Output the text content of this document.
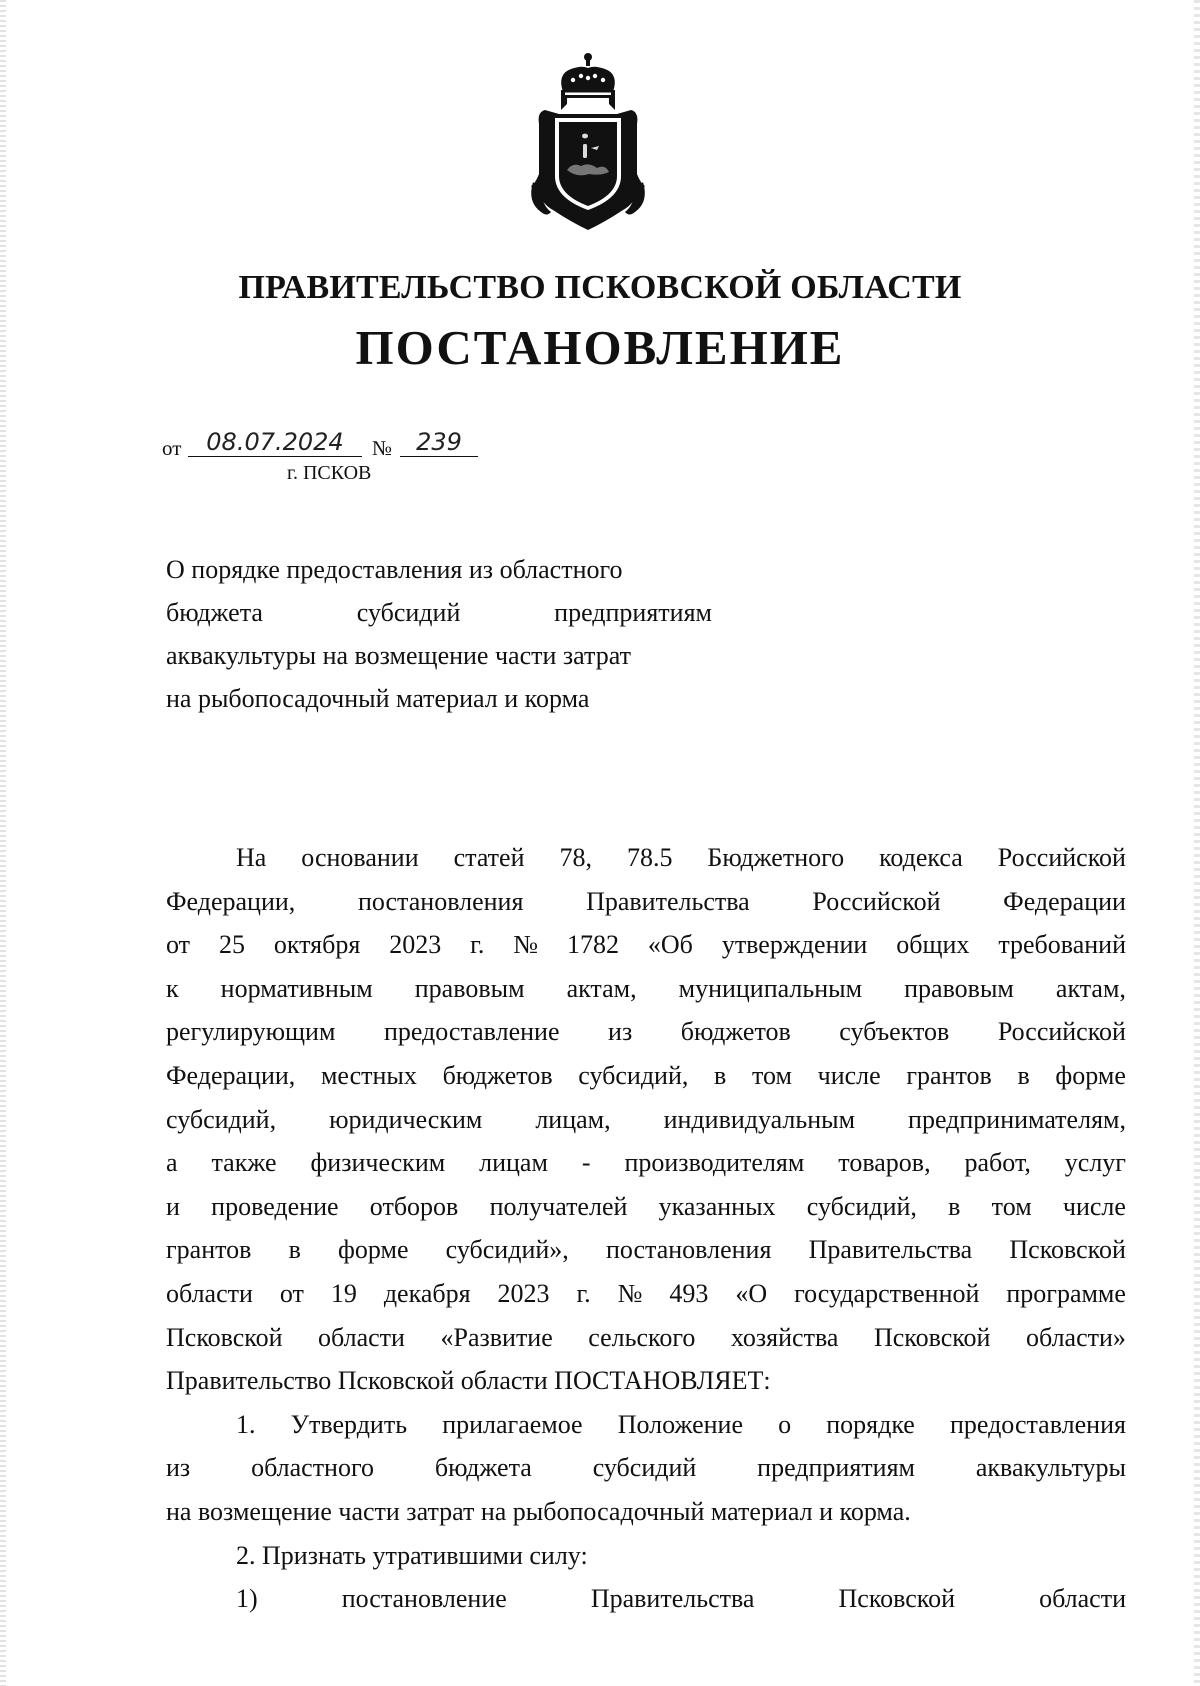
ПРАВИТЕЛЬСТВО ПСКОВСКОЙ ОБЛАСТИ
ПОСТАНОВЛЕНИЕ
от	08.07.2024	№	239
г. ПСКОВ
О порядке предоставления из областного
бюджета	субсидий	предприятиям
аквакультуры на возмещение части затрат
на рыбопосадочный материал и корма
На основании статей 78, 78.5 Бюджетного кодекса Российской
Федерации, постановления Правительства Российской Федерации
от 25 октября 2023 г. № 1782 «Об утверждении общих требований
к нормативным правовым актам, муниципальным правовым актам,
регулирующим предоставление из бюджетов субъектов Российской
Федерации, местных бюджетов субсидий, в том числе грантов в форме
субсидий, юридическим лицам, индивидуальным предпринимателям,
а также физическим лицам - производителям товаров, работ, услуг
и проведение отборов получателей указанных субсидий, в том числе
грантов в форме субсидий», постановления Правительства Псковской
области от 19 декабря 2023 г. № 493 «О государственной программе
Псковской области «Развитие сельского хозяйства Псковской области»
Правительство Псковской области ПОСТАНОВЛЯЕТ:
1. Утвердить прилагаемое Положение о порядке предоставления
из областного бюджета субсидий предприятиям аквакультуры
на возмещение части затрат на рыбопосадочный материал и корма.
2. Признать утратившими силу:
1)	постановление	Правительства	Псковской	области
